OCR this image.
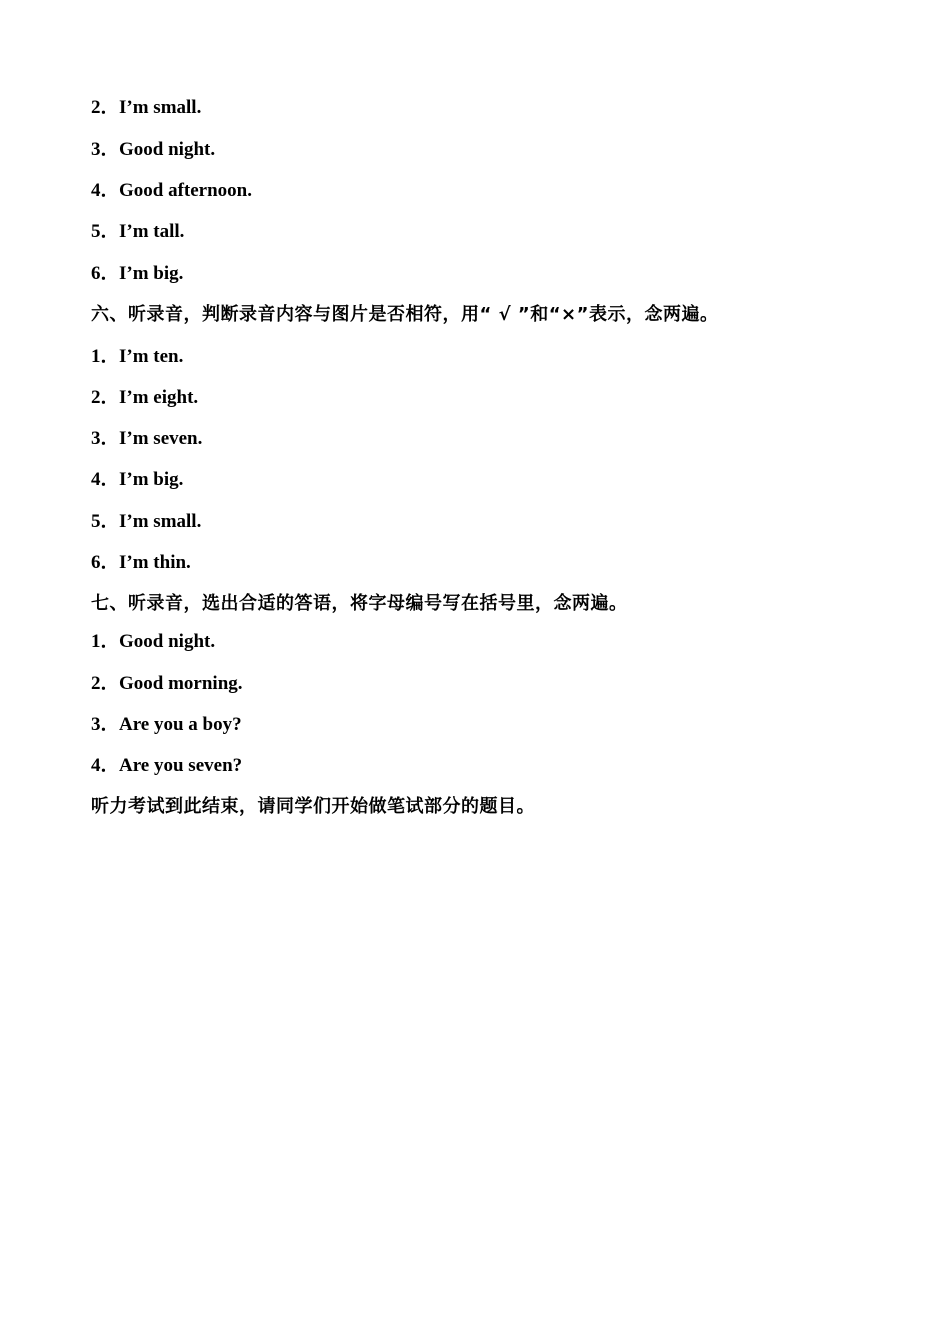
2．I’m small.
3．Good night.
4．Good afternoon.
5．I’m tall.
6．I’m big.
六、听录音，判断录音内容与图片是否相符，用“ √ ”和“×”表示，念两遍。
1．I’m ten.
2．I’m eight.
3．I’m seven.
4．I’m big.
5．I’m small.
6．I’m thin.
七、听录音，选出合适的答语，将字母编号写在括号里，念两遍。
1．Good night.
2．Good morning.
3．Are you a boy?
4．Are you seven?
听力考试到此结束，请同学们开始做笔试部分的题目。
